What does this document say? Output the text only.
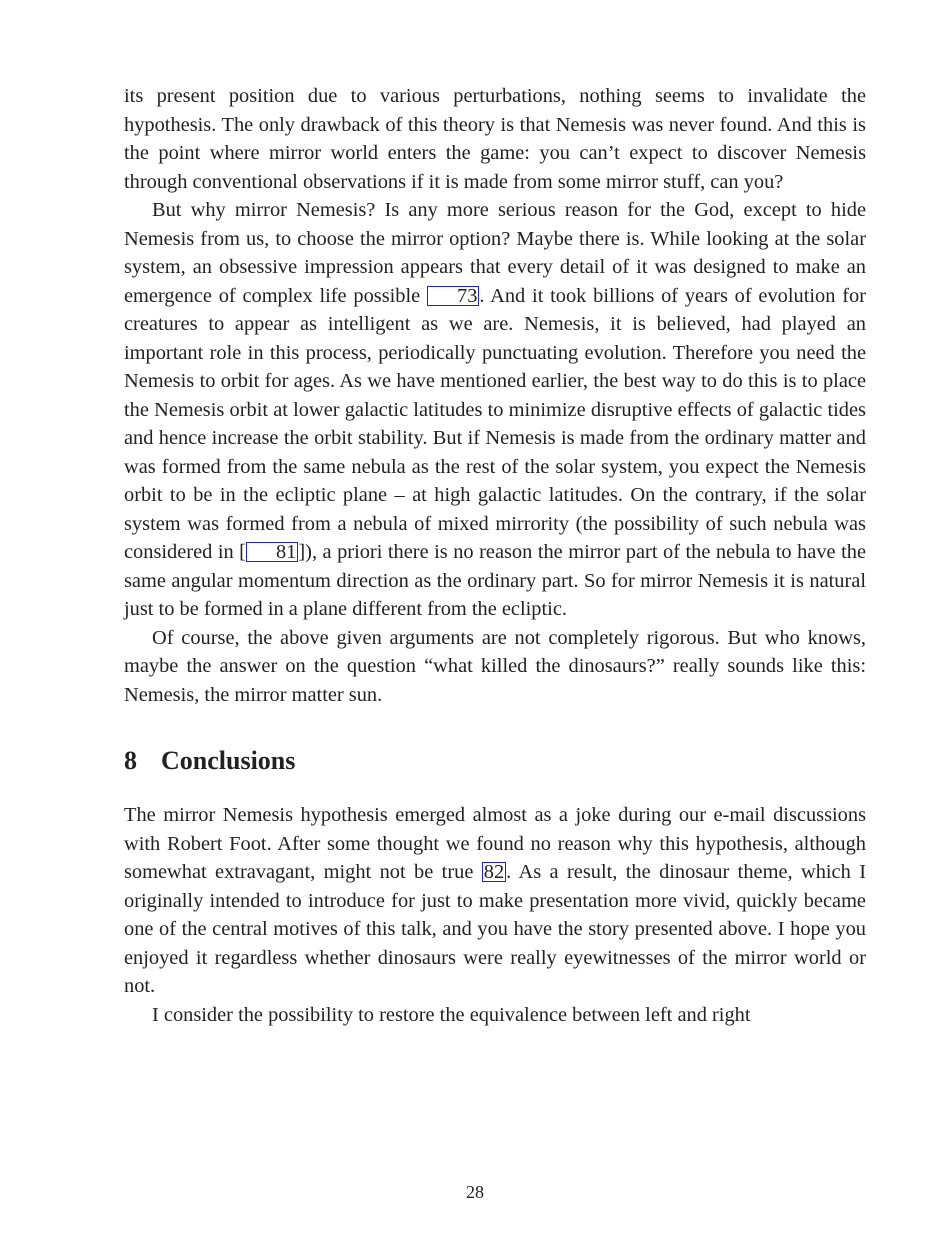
its present position due to various perturbations, nothing seems to invalidate the hypothesis. The only drawback of this theory is that Nemesis was never found. And this is the point where mirror world enters the game: you can’t expect to discover Nemesis through conventional observations if it is made from some mirror stuff, can you?

But why mirror Nemesis? Is any more serious reason for the God, except to hide Nemesis from us, to choose the mirror option? Maybe there is. While looking at the solar system, an obsessive impression appears that every detail of it was designed to make an emergence of complex life possible 73. And it took billions of years of evolution for creatures to appear as intelligent as we are. Nemesis, it is believed, had played an important role in this process, periodically punctuating evolution. Therefore you need the Nemesis to orbit for ages. As we have mentioned earlier, the best way to do this is to place the Nemesis orbit at lower galactic latitudes to minimize disruptive effects of galactic tides and hence increase the orbit stability. But if Nemesis is made from the ordinary matter and was formed from the same nebula as the rest of the solar system, you expect the Nemesis orbit to be in the ecliptic plane – at high galactic latitudes. On the contrary, if the solar system was formed from a nebula of mixed mirrority (the possibility of such nebula was considered in [ 81]), a priori there is no reason the mirror part of the nebula to have the same angular momentum direction as the ordinary part. So for mirror Nemesis it is natural just to be formed in a plane different from the ecliptic.

Of course, the above given arguments are not completely rigorous. But who knows, maybe the answer on the question “what killed the dinosaurs?” really sounds like this: Nemesis, the mirror matter sun.

8 Conclusions

The mirror Nemesis hypothesis emerged almost as a joke during our e-mail discussions with Robert Foot. After some thought we found no reason why this hypothesis, although somewhat extravagant, might not be true 82. As a result, the dinosaur theme, which I originally intended to introduce for just to make presentation more vivid, quickly became one of the central motives of this talk, and you have the story presented above. I hope you enjoyed it regardless whether dinosaurs were really eyewitnesses of the mirror world or not.

I consider the possibility to restore the equivalence between left and right

28
